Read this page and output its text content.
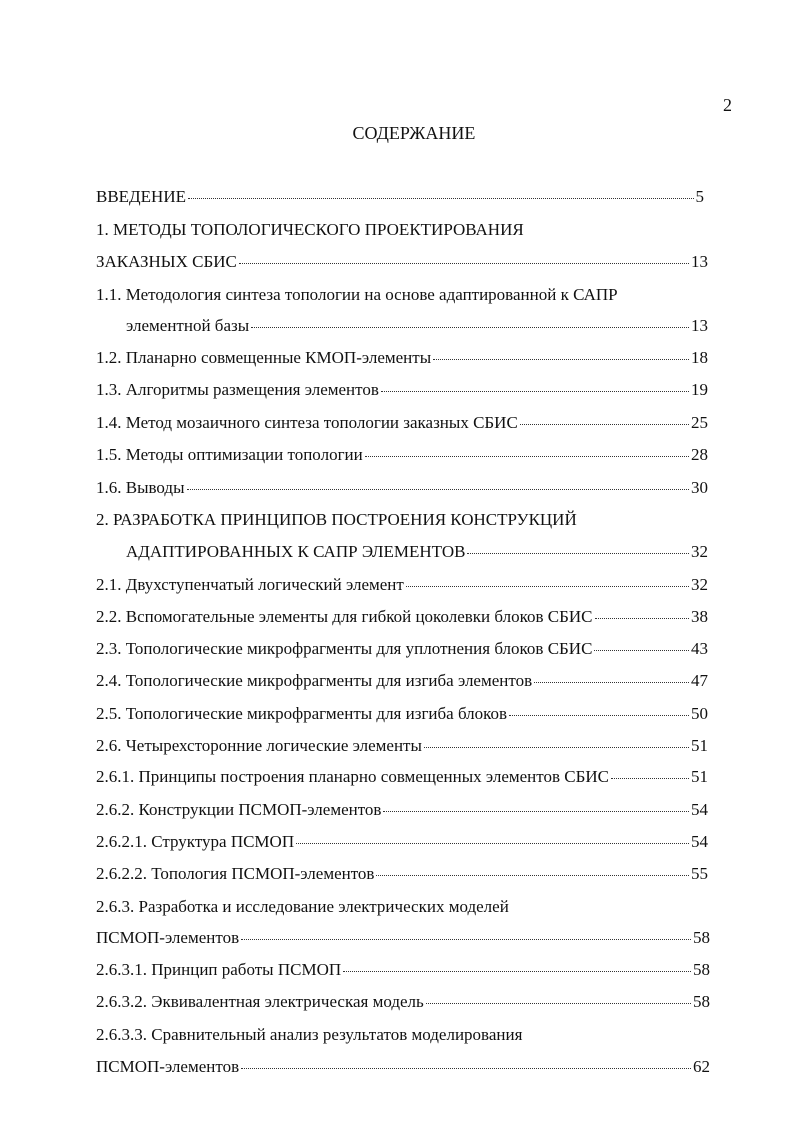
2
СОДЕРЖАНИЕ
ВВЕДЕНИЕ	5
1. МЕТОДЫ ТОПОЛОГИЧЕСКОГО ПРОЕКТИРОВАНИЯ
ЗАКАЗНЫХ СБИС	13
1.1. Методология синтеза топологии на основе адаптированной к САПР
элементной базы	13
1.2. Планарно совмещенные КМОП-элементы	18
1.3. Алгоритмы размещения элементов	19
1.4. Метод мозаичного синтеза топологии заказных СБИС	25
1.5. Методы оптимизации топологии	28
1.6. Выводы	30
2. РАЗРАБОТКА ПРИНЦИПОВ ПОСТРОЕНИЯ КОНСТРУКЦИЙ
АДАПТИРОВАННЫХ К САПР ЭЛЕМЕНТОВ	32
2.1. Двухступенчатый логический элемент	32
2.2. Вспомогательные элементы для гибкой цоколевки блоков СБИС	38
2.3. Топологические микрофрагменты для уплотнения блоков СБИС	43
2.4. Топологические микрофрагменты для изгиба элементов	47
2.5. Топологические микрофрагменты для изгиба блоков	50
2.6. Четырехсторонние логические элементы	51
2.6.1. Принципы построения планарно совмещенных элементов СБИС	51
2.6.2. Конструкции ПСМОП-элементов	54
2.6.2.1. Структура ПСМОП	54
2.6.2.2. Топология ПСМОП-элементов	55
2.6.3. Разработка и исследование электрических моделей
ПСМОП-элементов	58
2.6.3.1. Принцип работы ПСМОП	58
2.6.3.2. Эквивалентная электрическая модель	58
2.6.3.3. Сравнительный анализ результатов моделирования
ПСМОП-элементов	62
